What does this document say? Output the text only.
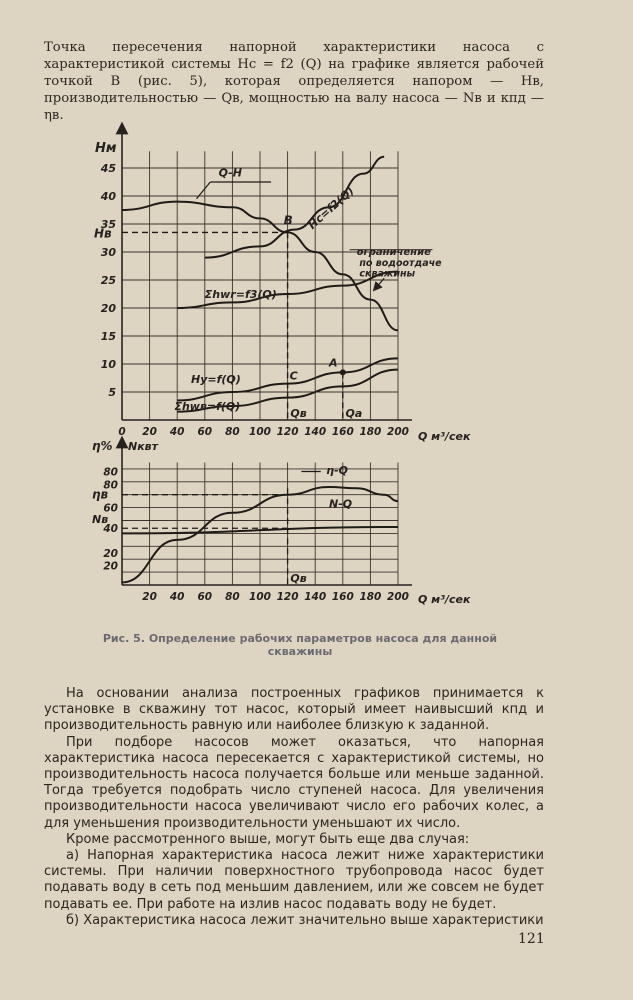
Точка пересечения напорной характеристики насоса с характеристикой системы Hc = f2 (Q) на графике является рабочей точкой В (рис. 5), которая определяется напором — Hв, производительностью — Qв, мощностью на валу насоса — Nв и кпд — ηв.

5
10
15
20
25
30
35
40
45
0 20 40 60 80 100 120 140 160 180 200
Hм
Q м³/сек
Hв
B
C
A
Qв	Qa
Q-H
Hс=f2(Q)
ограничение
по водоотдаче
скважины
Σhwr=f3(Q)
Hy=f(Q)
Σhwв=f(Q)
20
20
40
60
80
80
20 40 60 80 100 120 140 160 180 200
η% Nквт
Q м³/сек
ηв
Nв
Qв
η-Q
N-Q
Рис. 5. Определение рабочих параметров насоса для данной
скважины

На основании анализа построенных графиков принимается к установке в скважину тот насос, который имеет наивысший кпд и производительность равную или наиболее близкую к заданной.

При подборе насосов может оказаться, что напорная характеристика насоса пересекается с характеристикой системы, но производительность насоса получается больше или меньше заданной. Тогда требуется подобрать число ступеней насоса. Для увеличения производительности насоса увеличивают число его рабочих колес, а для уменьшения производительности уменьшают их число.

Кроме рассмотренного выше, могут быть еще два случая:

а) Напорная характеристика насоса лежит ниже характеристики системы. При наличии поверхностного трубопровода насос будет подавать воду в сеть под меньшим давлением, или же совсем не будет подавать ее. При работе на излив насос подавать воду не будет.

б) Характеристика насоса лежит значительно выше характеристики

121
